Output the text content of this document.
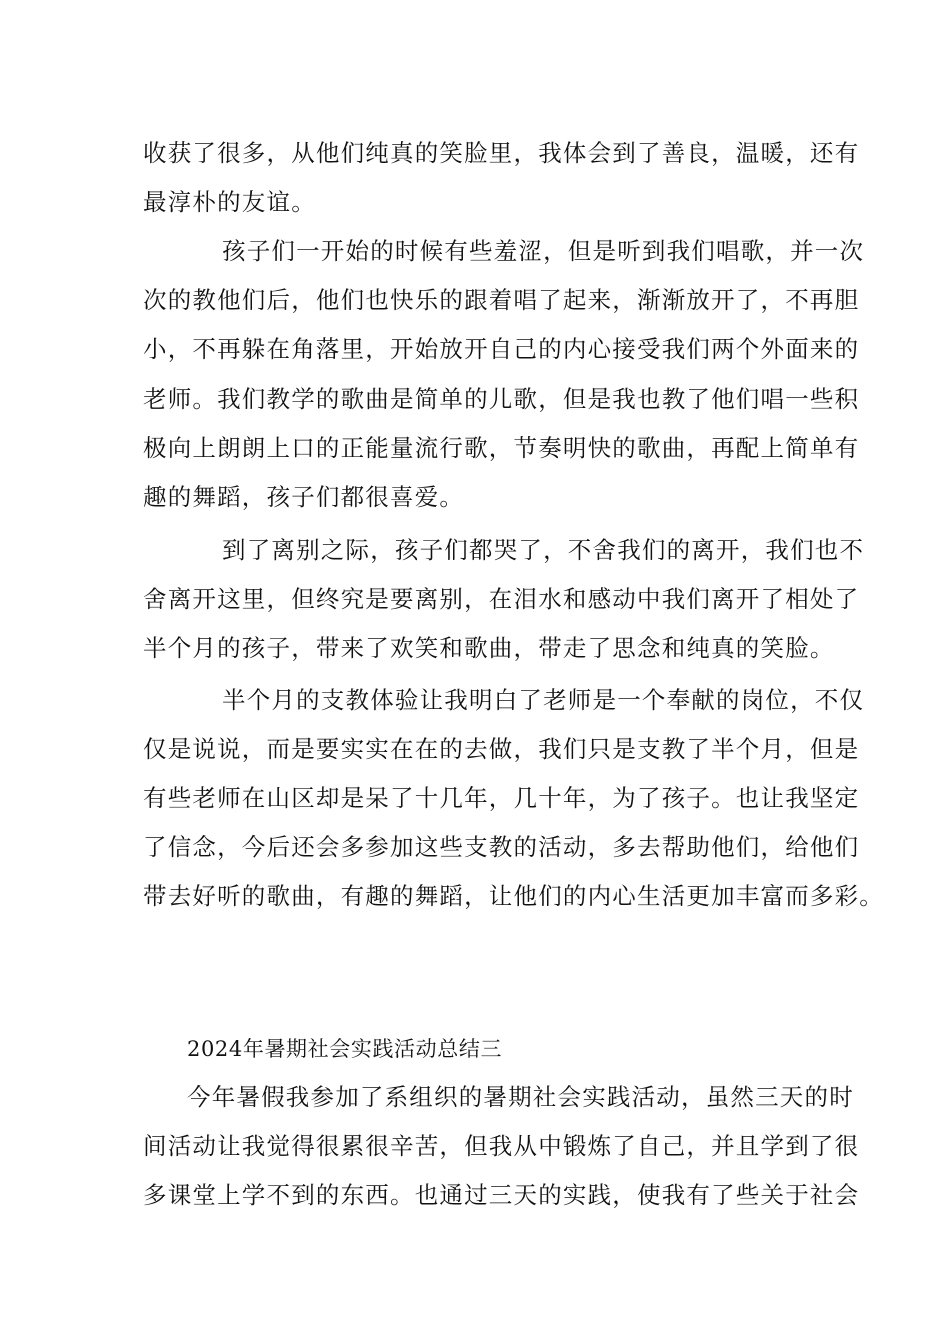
收获了很多，从他们纯真的笑脸里，我体会到了善良，温暖，还有
最淳朴的友谊。
孩子们一开始的时候有些羞涩，但是听到我们唱歌，并一次
次的教他们后，他们也快乐的跟着唱了起来，渐渐放开了，不再胆
小，不再躲在角落里，开始放开自己的内心接受我们两个外面来的
老师。我们教学的歌曲是简单的儿歌，但是我也教了他们唱一些积
极向上朗朗上口的正能量流行歌，节奏明快的歌曲，再配上简单有
趣的舞蹈，孩子们都很喜爱。
到了离别之际，孩子们都哭了，不舍我们的离开，我们也不
舍离开这里，但终究是要离别，在泪水和感动中我们离开了相处了
半个月的孩子，带来了欢笑和歌曲，带走了思念和纯真的笑脸。
半个月的支教体验让我明白了老师是一个奉献的岗位，不仅
仅是说说，而是要实实在在的去做，我们只是支教了半个月，但是
有些老师在山区却是呆了十几年，几十年，为了孩子。也让我坚定
了信念，今后还会多参加这些支教的活动，多去帮助他们，给他们
带去好听的歌曲，有趣的舞蹈，让他们的内心生活更加丰富而多彩。
2024年暑期社会实践活动总结三
今年暑假我参加了系组织的暑期社会实践活动，虽然三天的时
间活动让我觉得很累很辛苦，但我从中锻炼了自己，并且学到了很
多课堂上学不到的东西。也通过三天的实践，使我有了些关于社会
